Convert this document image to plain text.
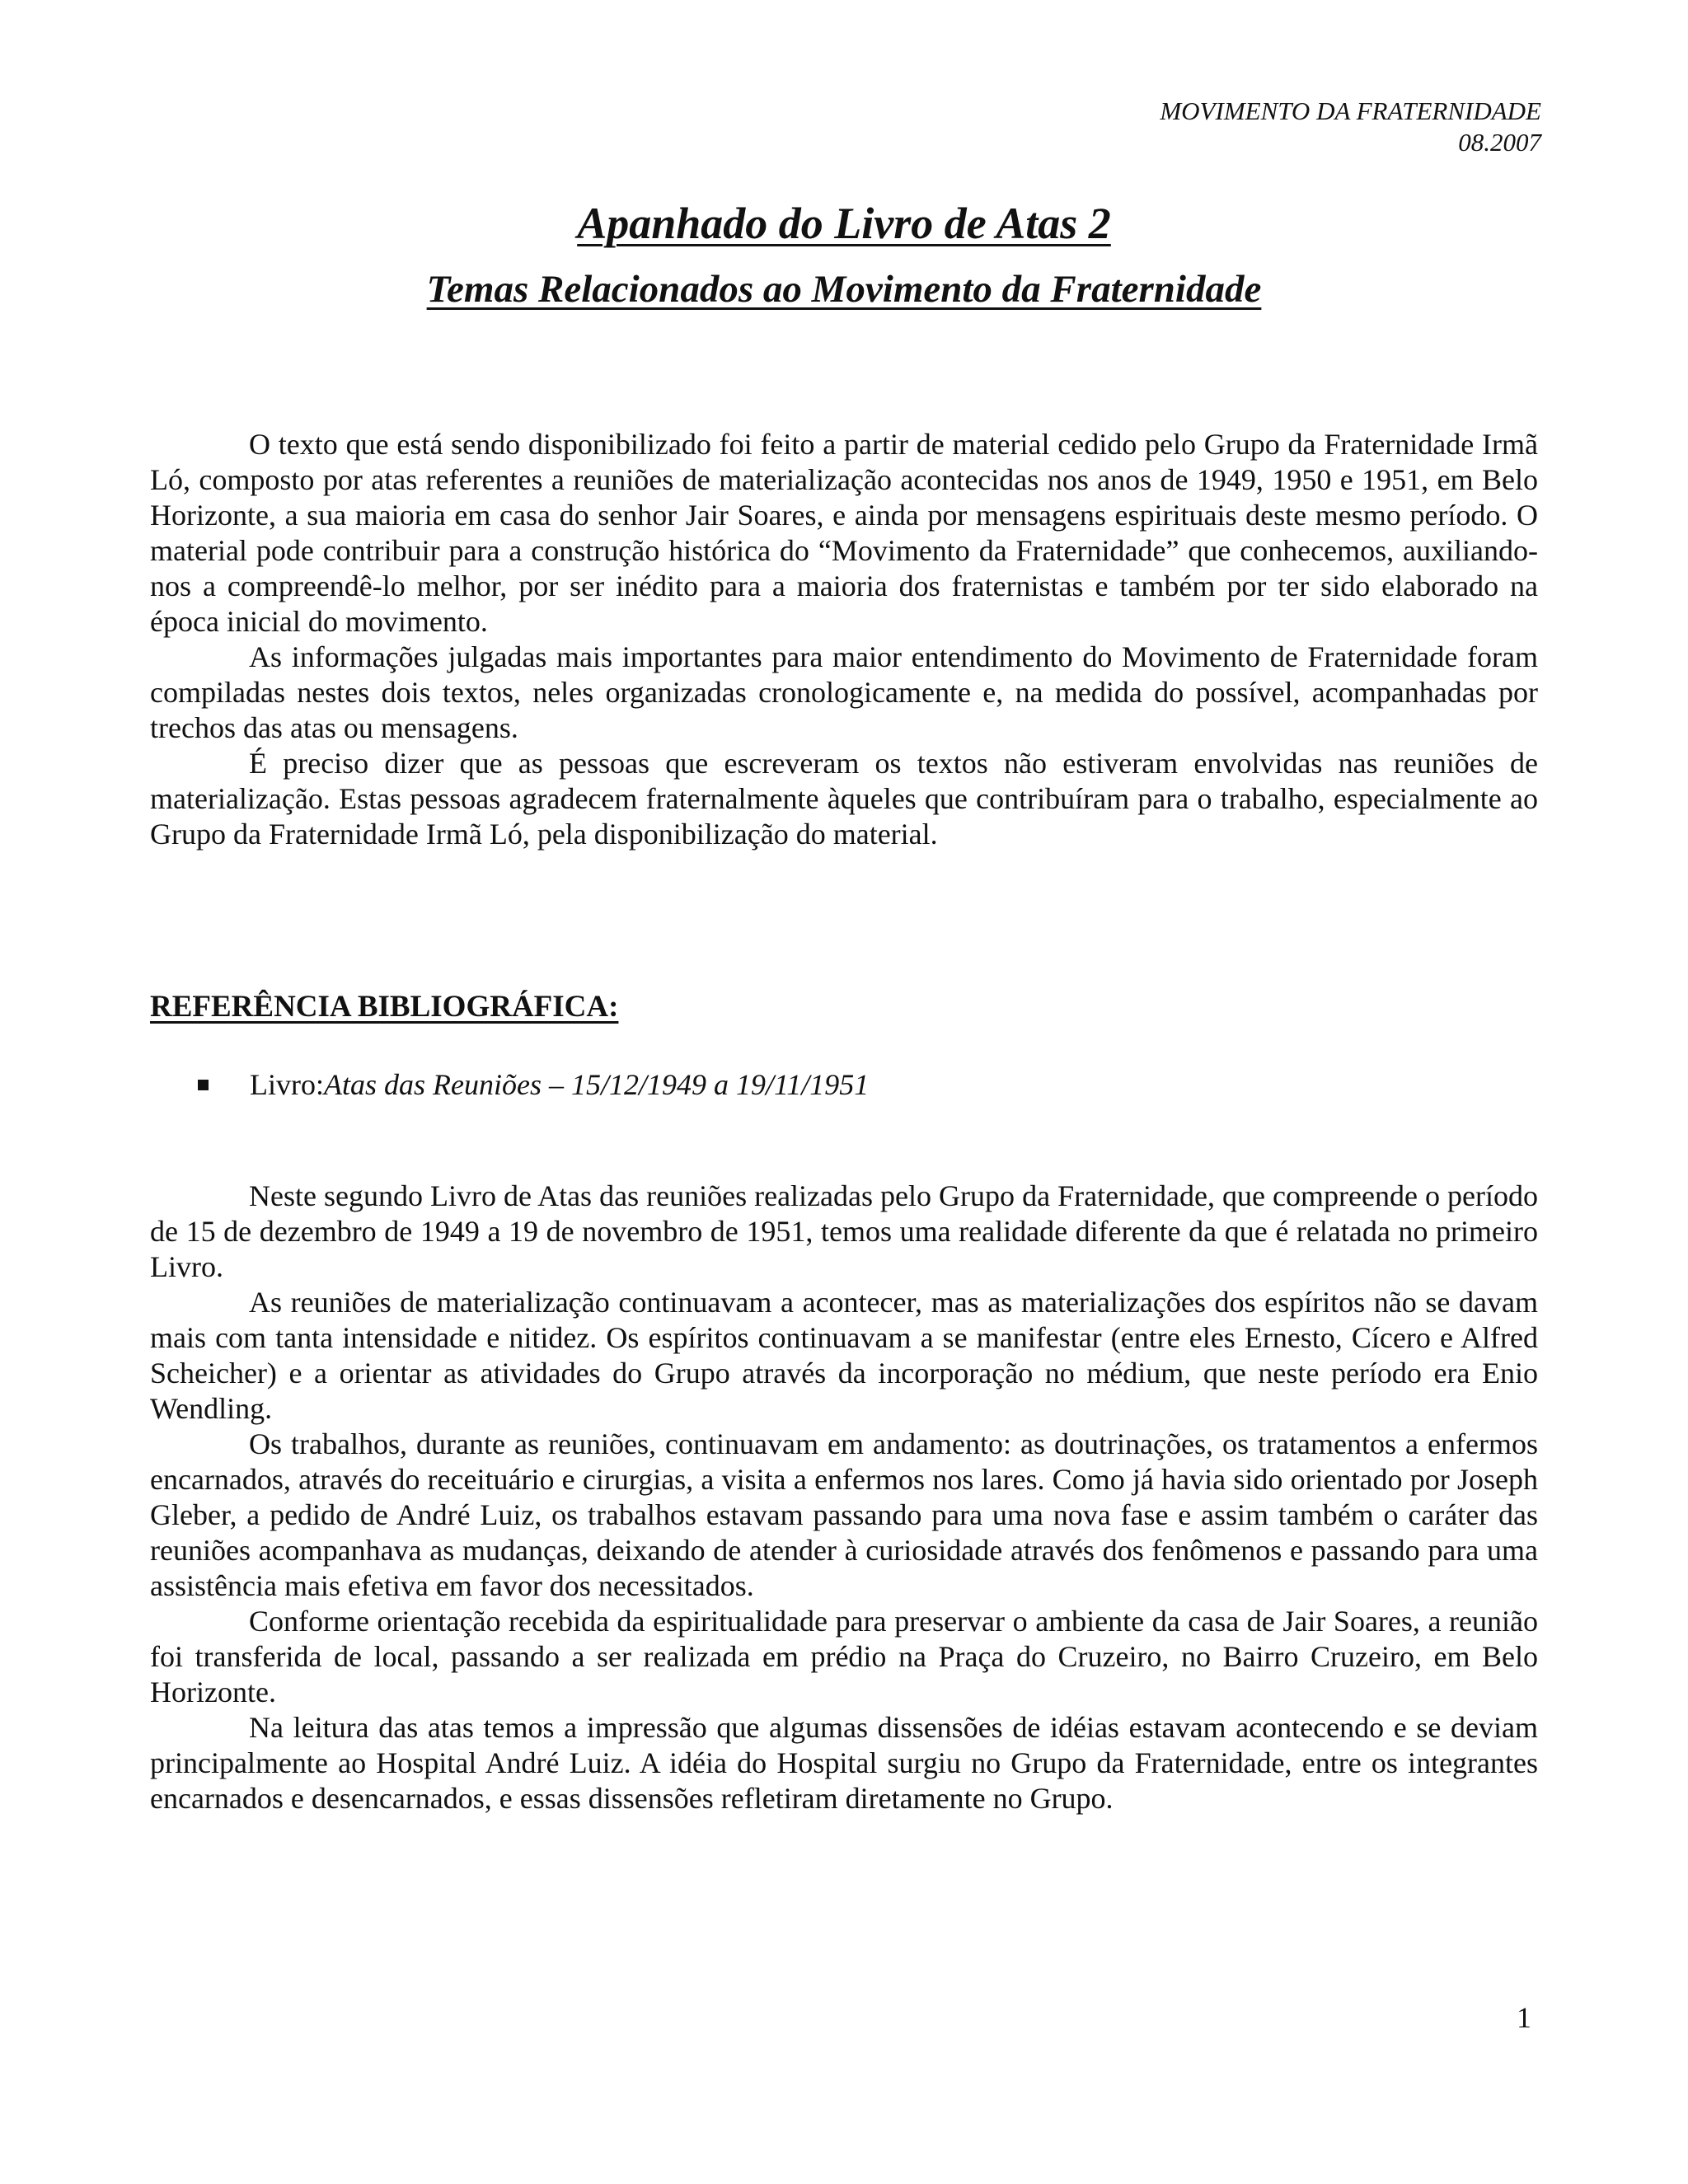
MOVIMENTO DA FRATERNIDADE
08.2007
Apanhado do Livro de Atas 2
Temas Relacionados ao Movimento da Fraternidade

O texto que está sendo disponibilizado foi feito a partir de material cedido pelo Grupo da Fraternidade Irmã Ló, composto por atas referentes a reuniões de materialização acontecidas nos anos de 1949, 1950 e 1951, em Belo Horizonte, a sua maioria em casa do senhor Jair Soares, e ainda por mensagens espirituais deste mesmo período. O material pode contribuir para a construção histórica do “Movimento da Fraternidade” que conhecemos, auxiliando-nos a compreendê-lo melhor, por ser inédito para a maioria dos fraternistas e também por ter sido elaborado na época inicial do movimento.

As informações julgadas mais importantes para maior entendimento do Movimento de Fraternidade foram compiladas nestes dois textos, neles organizadas cronologicamente e, na medida do possível, acompanhadas por trechos das atas ou mensagens.

É preciso dizer que as pessoas que escreveram os textos não estiveram envolvidas nas reuniões de materialização. Estas pessoas agradecem fraternalmente àqueles que contribuíram para o trabalho, especialmente ao Grupo da Fraternidade Irmã Ló, pela disponibilização do material.

REFERÊNCIA BIBLIOGRÁFICA:
Livro: Atas das Reuniões – 15/12/1949 a 19/11/1951

Neste segundo Livro de Atas das reuniões realizadas pelo Grupo da Fraternidade, que compreende o período de 15 de dezembro de 1949 a 19 de novembro de 1951, temos uma realidade diferente da que é relatada no primeiro Livro.

As reuniões de materialização continuavam a acontecer, mas as materializações dos espíritos não se davam mais com tanta intensidade e nitidez. Os espíritos continuavam a se manifestar (entre eles Ernesto, Cícero e Alfred Scheicher) e a orientar as atividades do Grupo através da incorporação no médium, que neste período era Enio Wendling.

Os trabalhos, durante as reuniões, continuavam em andamento: as doutrinações, os tratamentos a enfermos encarnados, através do receituário e cirurgias, a visita a enfermos nos lares. Como já havia sido orientado por Joseph Gleber, a pedido de André Luiz, os trabalhos estavam passando para uma nova fase e assim também o caráter das reuniões acompanhava as mudanças, deixando de atender à curiosidade através dos fenômenos e passando para uma assistência mais efetiva em favor dos necessitados.

Conforme orientação recebida da espiritualidade para preservar o ambiente da casa de Jair Soares, a reunião foi transferida de local, passando a ser realizada em prédio na Praça do Cruzeiro, no Bairro Cruzeiro, em Belo Horizonte.

Na leitura das atas temos a impressão que algumas dissensões de idéias estavam acontecendo e se deviam principalmente ao Hospital André Luiz. A idéia do Hospital surgiu no Grupo da Fraternidade, entre os integrantes encarnados e desencarnados, e essas dissensões refletiram diretamente no Grupo.

1
